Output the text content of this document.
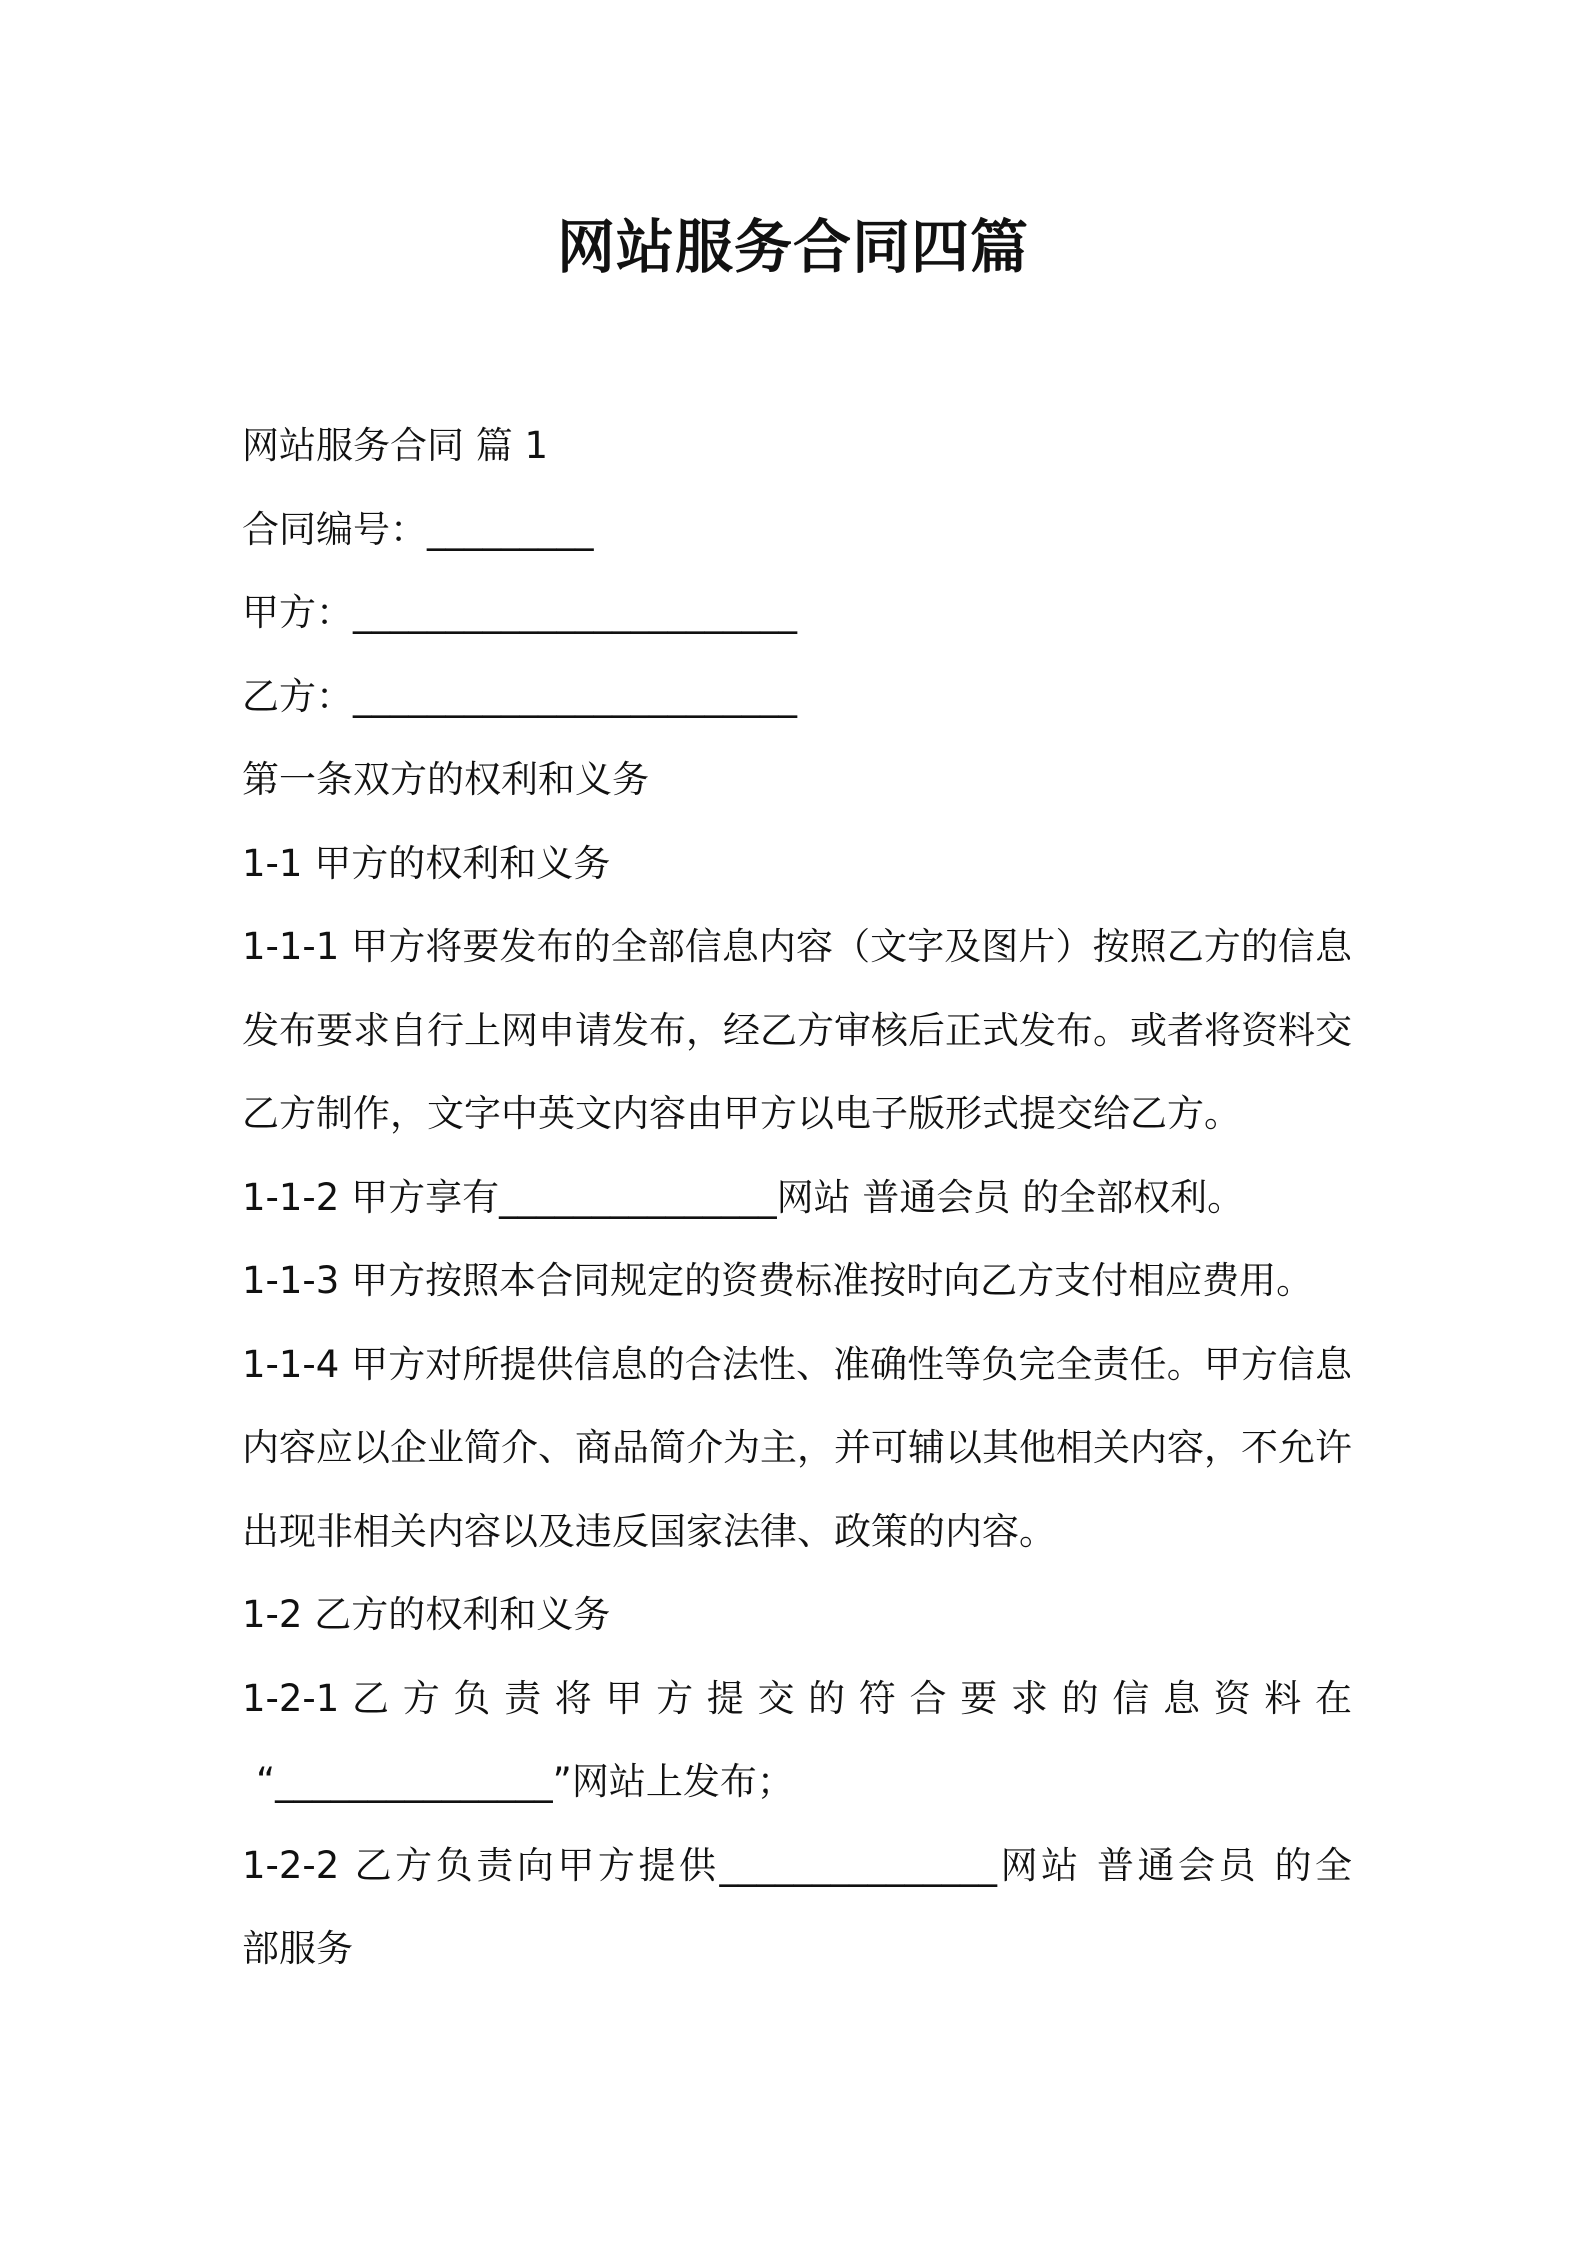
网站服务合同四篇
网站服务合同 篇 1
合同编号：_________
甲方：________________________
乙方：________________________
第一条双方的权利和义务
1-1 甲方的权利和义务
1-1-1 甲方将要发布的全部信息内容（文字及图片）按照乙方的信息
发布要求自行上网申请发布，经乙方审核后正式发布。或者将资料交
乙方制作，文字中英文内容由甲方以电子版形式提交给乙方。
1-1-2 甲方享有_______________网站 普通会员 的全部权利。
1-1-3 甲方按照本合同规定的资费标准按时向乙方支付相应费用。
1-1-4 甲方对所提供信息的合法性、准确性等负完全责任。甲方信息
内容应以企业简介、商品简介为主，并可辅以其他相关内容，不允许
出现非相关内容以及违反国家法律、政策的内容。
1-2 乙方的权利和义务
1-2-1 乙 方 负 责 将 甲 方 提 交 的 符 合 要 求 的 信 息 资 料 在
“_______________”网站上发布；
1-2-2 乙方负责向甲方提供_______________网站 普通会员 的全
部服务
